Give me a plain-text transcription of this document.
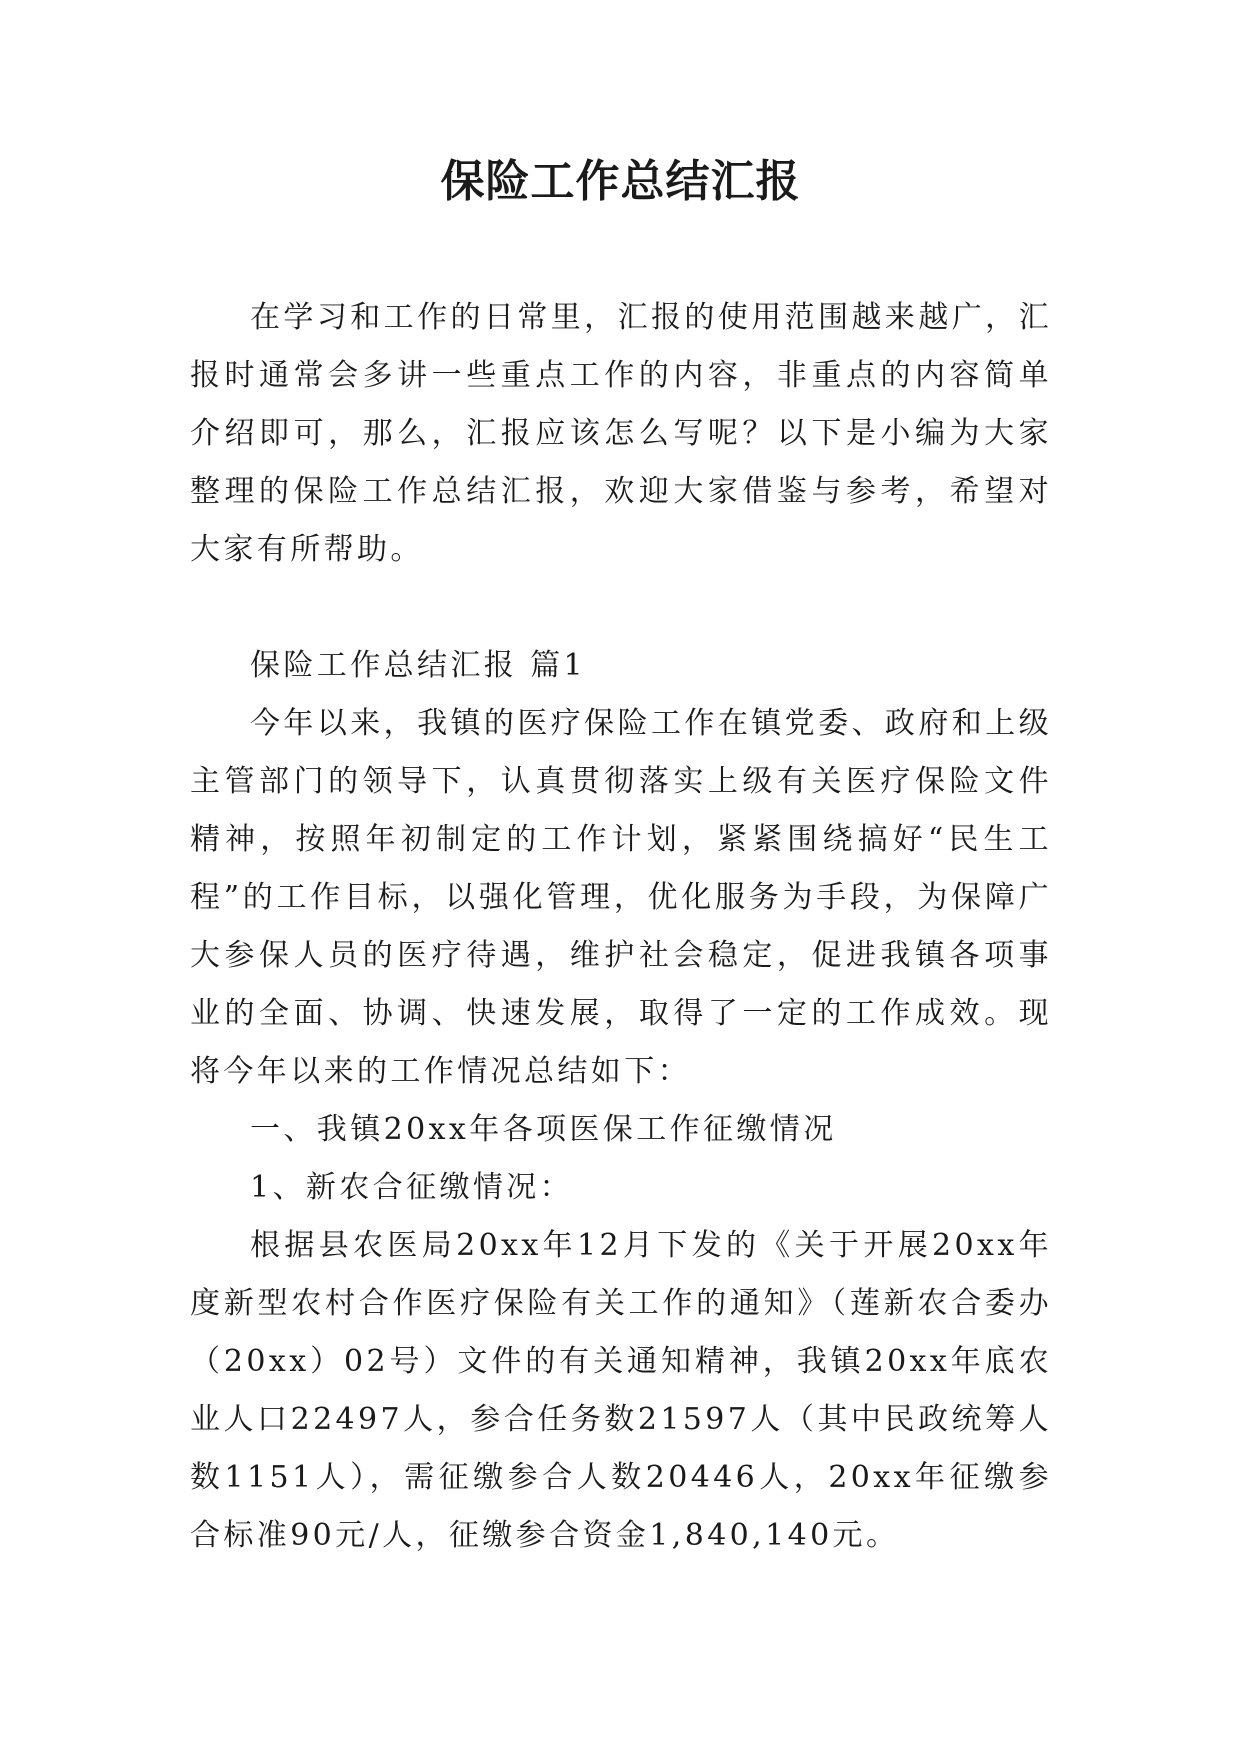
保险工作总结汇报

在学习和工作的日常里，汇报的使用范围越来越广，汇报时通常会多讲一些重点工作的内容，非重点的内容简单介绍即可，那么，汇报应该怎么写呢？以下是小编为大家整理的保险工作总结汇报，欢迎大家借鉴与参考，希望对大家有所帮助。

保险工作总结汇报 篇1

今年以来，我镇的医疗保险工作在镇党委、政府和上级主管部门的领导下，认真贯彻落实上级有关医疗保险文件精神，按照年初制定的工作计划，紧紧围绕搞好“民生工程”的工作目标，以强化管理，优化服务为手段，为保障广大参保人员的医疗待遇，维护社会稳定，促进我镇各项事业的全面、协调、快速发展，取得了一定的工作成效。现将今年以来的工作情况总结如下：

一、我镇20xx年各项医保工作征缴情况

1、新农合征缴情况：

根据县农医局20xx年12月下发的《关于开展20xx年度新型农村合作医疗保险有关工作的通知》（莲新农合委办（20xx）02号）文件的有关通知精神，我镇20xx年底农业人口22497人，参合任务数21597人（其中民政统筹人数1151人），需征缴参合人数20446人，20xx年征缴参合标准90元/人，征缴参合资金1,840,140元。
